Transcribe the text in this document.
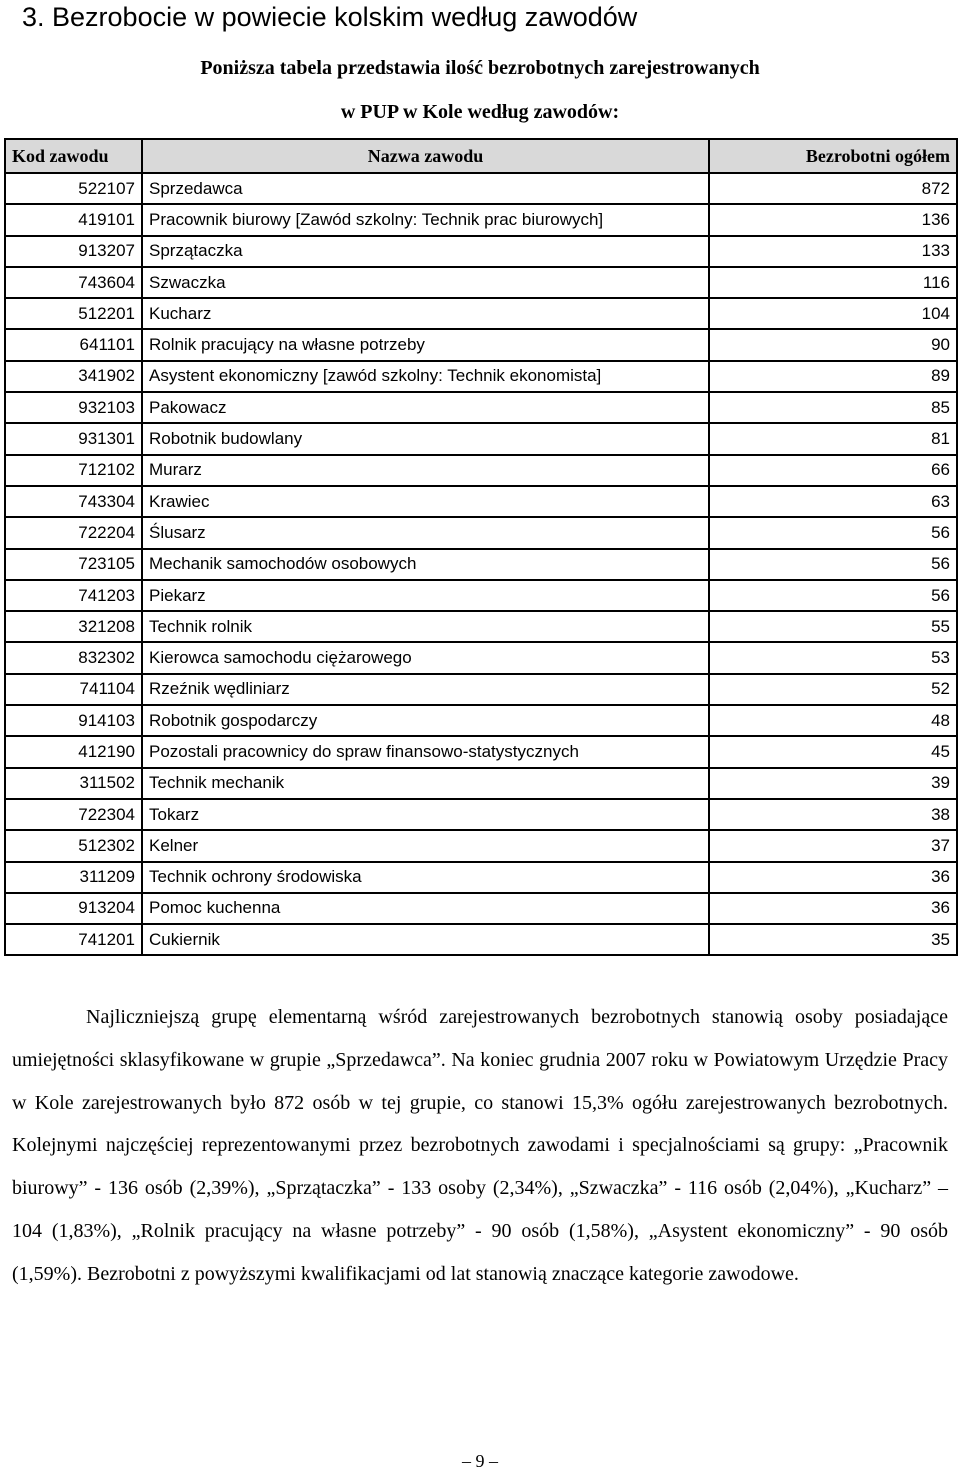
3. Bezrobocie w powiecie kolskim według zawodów
Poniższa tabela przedstawia ilość bezrobotnych zarejestrowanych
w PUP w Kole według zawodów:
Kod zawodu	Nazwa zawodu	Bezrobotni ogółem
522107	Sprzedawca	872
419101	Pracownik biurowy [Zawód szkolny: Technik prac biurowych]	136
913207	Sprzątaczka	133
743604	Szwaczka	116
512201	Kucharz	104
641101	Rolnik pracujący na własne potrzeby	90
341902	Asystent ekonomiczny [zawód szkolny: Technik ekonomista]	89
932103	Pakowacz	85
931301	Robotnik budowlany	81
712102	Murarz	66
743304	Krawiec	63
722204	Ślusarz	56
723105	Mechanik samochodów osobowych	56
741203	Piekarz	56
321208	Technik rolnik	55
832302	Kierowca samochodu ciężarowego	53
741104	Rzeźnik wędliniarz	52
914103	Robotnik gospodarczy	48
412190	Pozostali pracownicy do spraw finansowo-statystycznych	45
311502	Technik mechanik	39
722304	Tokarz	38
512302	Kelner	37
311209	Technik ochrony środowiska	36
913204	Pomoc kuchenna	36
741201	Cukiernik	35

Najliczniejszą grupę elementarną wśród zarejestrowanych bezrobotnych stanowią osoby posiadające umiejętności sklasyfikowane w grupie „Sprzedawca”. Na koniec grudnia 2007 roku w Powiatowym Urzędzie Pracy w Kole zarejestrowanych było 872 osób w tej grupie, co stanowi 15,3% ogółu zarejestrowanych bezrobotnych. Kolejnymi najczęściej reprezentowanymi przez bezrobotnych zawodami i specjalnościami są grupy: „Pracownik biurowy” - 136 osób (2,39%), „Sprzątaczka” - 133 osoby (2,34%), „Szwaczka” - 116 osób (2,04%), „Kucharz” – 104 (1,83%), „Rolnik pracujący na własne potrzeby” - 90 osób (1,58%), „Asystent ekonomiczny” - 90 osób (1,59%). Bezrobotni z powyższymi kwalifikacjami od lat stanowią znaczące kategorie zawodowe.

– 9 –
